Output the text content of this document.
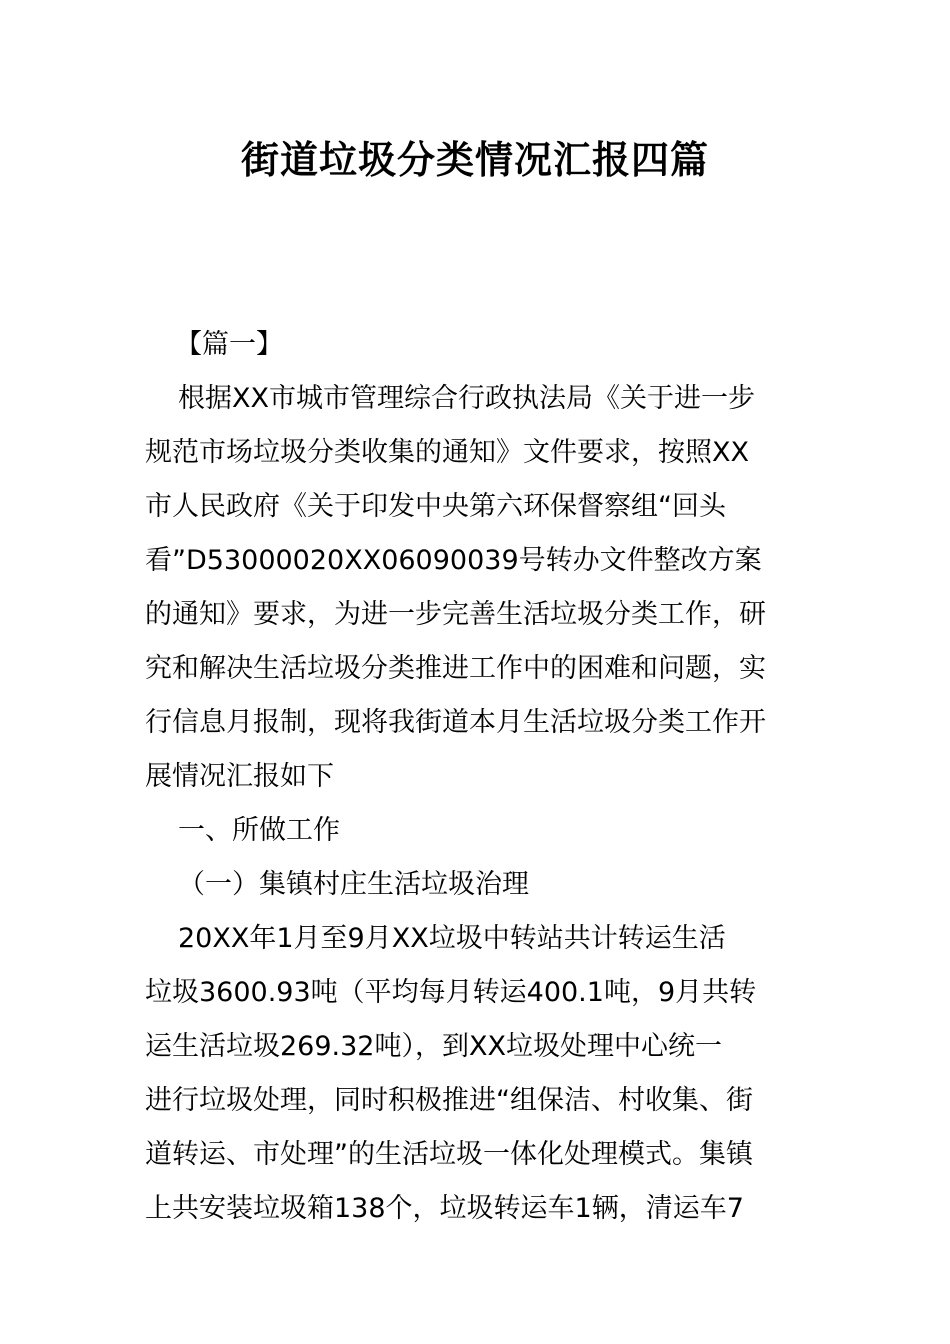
街道垃圾分类情况汇报四篇

【篇一】

根据XX市城市管理综合行政执法局《关于进一步
规范市场垃圾分类收集的通知》文件要求，按照XX
市人民政府《关于印发中央第六环保督察组“回头
看”D53000020XX06090039号转办文件整改方案
的通知》要求，为进一步完善生活垃圾分类工作，研
究和解决生活垃圾分类推进工作中的困难和问题，实
行信息月报制，现将我街道本月生活垃圾分类工作开
展情况汇报如下

一、所做工作

（一）集镇村庄生活垃圾治理

20XX年1月至9月XX垃圾中转站共计转运生活
垃圾3600.93吨（平均每月转运400.1吨，9月共转
运生活垃圾269.32吨），到XX垃圾处理中心统一
进行垃圾处理，同时积极推进“组保洁、村收集、街
道转运、市处理”的生活垃圾一体化处理模式。集镇
上共安装垃圾箱138个，垃圾转运车1辆，清运车7
